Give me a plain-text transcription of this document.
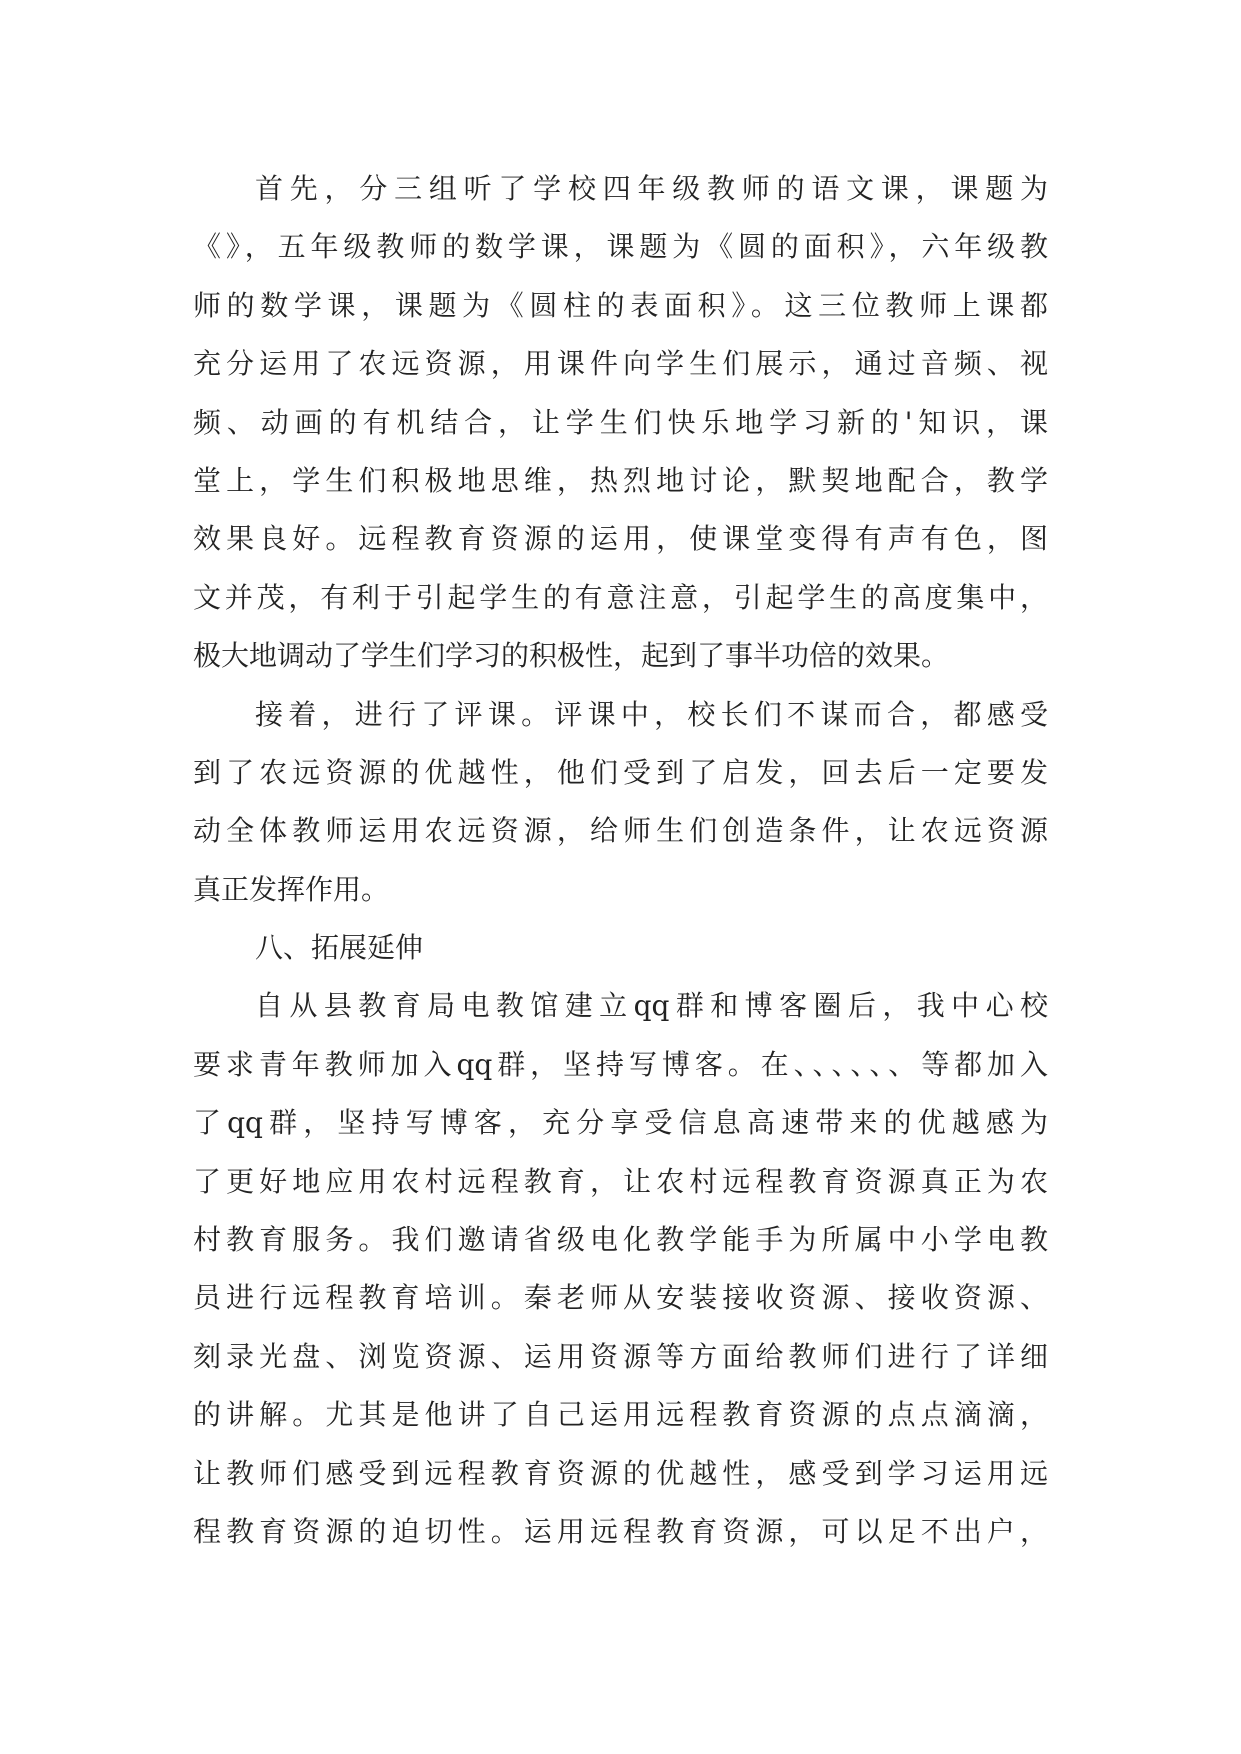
首先，分三组听了学校四年级教师的语文课，课题为
《》，五年级教师的数学课，课题为《圆的面积》，六年级教
师的数学课，课题为《圆柱的表面积》。这三位教师上课都
充分运用了农远资源，用课件向学生们展示，通过音频、视
频、动画的有机结合，让学生们快乐地学习新的'知识，课
堂上，学生们积极地思维，热烈地讨论，默契地配合，教学
效果良好。远程教育资源的运用，使课堂变得有声有色，图
文并茂，有利于引起学生的有意注意，引起学生的高度集中，
极大地调动了学生们学习的积极性，起到了事半功倍的效果。
接着，进行了评课。评课中，校长们不谋而合，都感受
到了农远资源的优越性，他们受到了启发，回去后一定要发
动全体教师运用农远资源，给师生们创造条件，让农远资源
真正发挥作用。
八、拓展延伸
自从县教育局电教馆建立qq群和博客圈后，我中心校
要求青年教师加入qq群，坚持写博客。在、、、、、、等都加入
了qq群，坚持写博客，充分享受信息高速带来的优越感为
了更好地应用农村远程教育，让农村远程教育资源真正为农
村教育服务。我们邀请省级电化教学能手为所属中小学电教
员进行远程教育培训。秦老师从安装接收资源、接收资源、
刻录光盘、浏览资源、运用资源等方面给教师们进行了详细
的讲解。尤其是他讲了自己运用远程教育资源的点点滴滴，
让教师们感受到远程教育资源的优越性，感受到学习运用远
程教育资源的迫切性。运用远程教育资源，可以足不出户，
